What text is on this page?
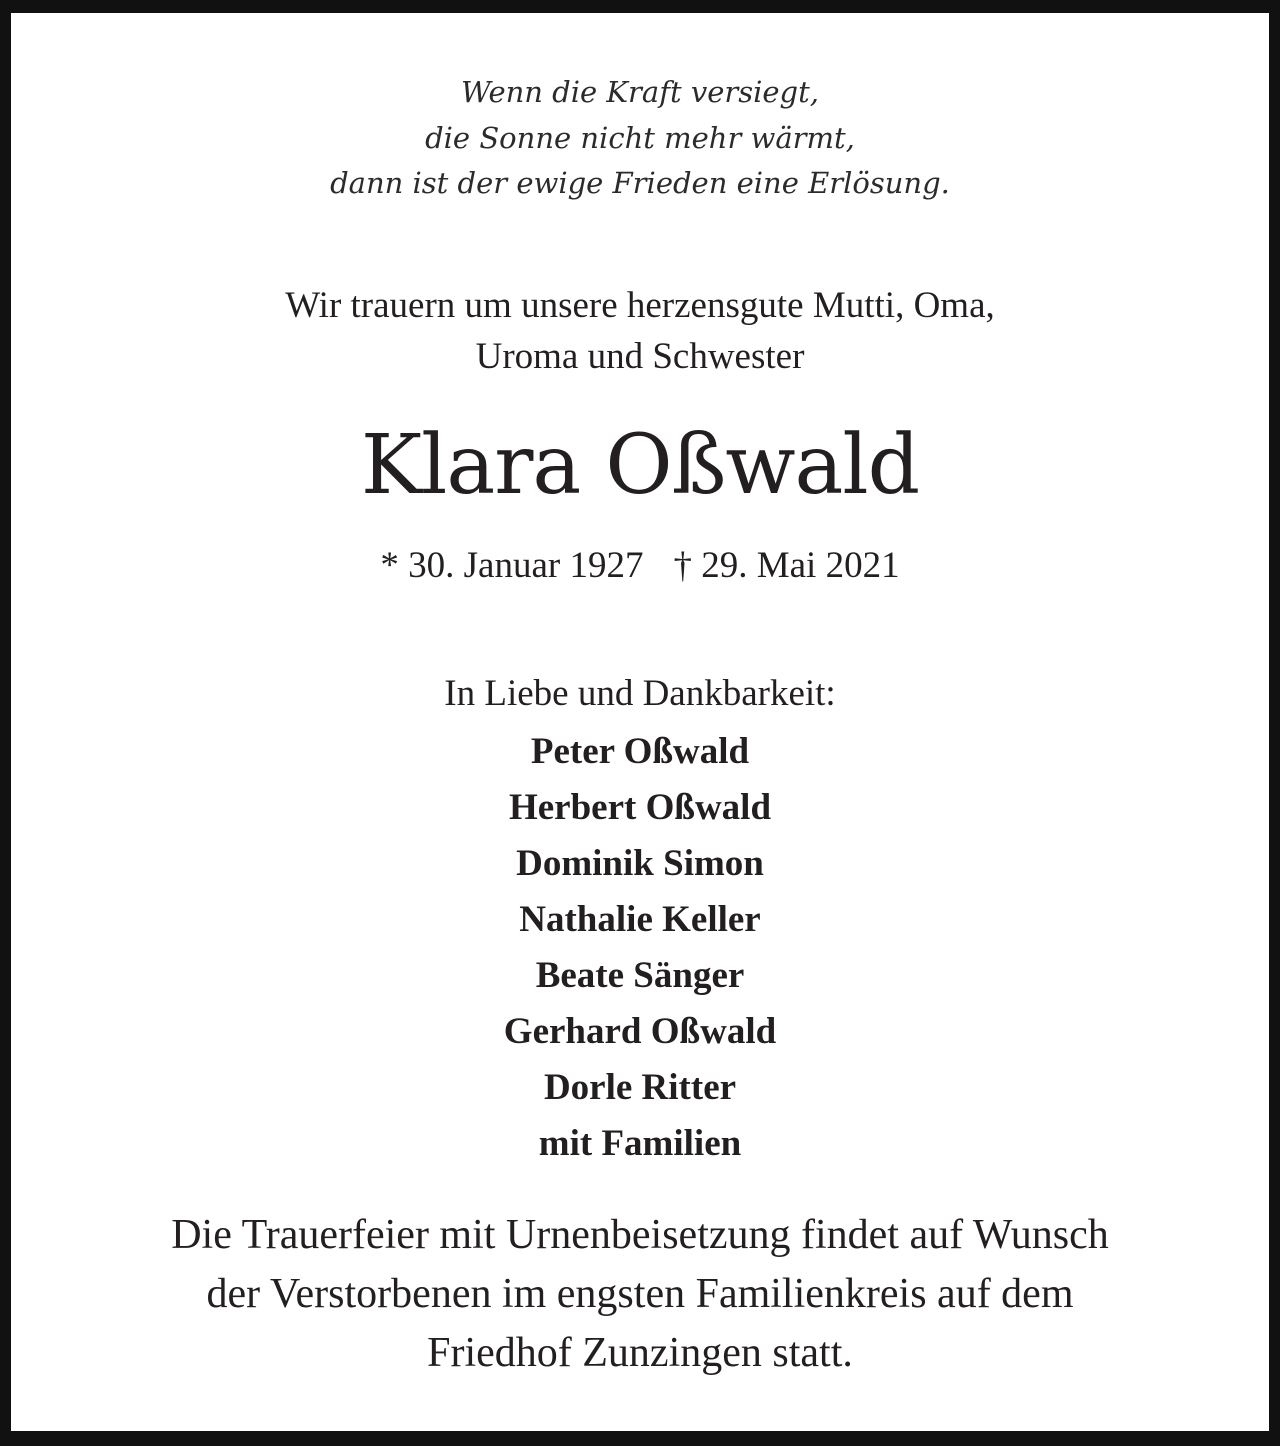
Wenn die Kraft versiegt,
die Sonne nicht mehr wärmt,
dann ist der ewige Frieden eine Erlösung.
Wir trauern um unsere herzensgute Mutti, Oma,
Uroma und Schwester
Klara Oßwald
* 30. Januar 1927 † 29. Mai 2021
In Liebe und Dankbarkeit:
Peter Oßwald
Herbert Oßwald
Dominik Simon
Nathalie Keller
Beate Sänger
Gerhard Oßwald
Dorle Ritter
mit Familien
Die Trauerfeier mit Urnenbeisetzung findet auf Wunsch
der Verstorbenen im engsten Familienkreis auf dem
Friedhof Zunzingen statt.
